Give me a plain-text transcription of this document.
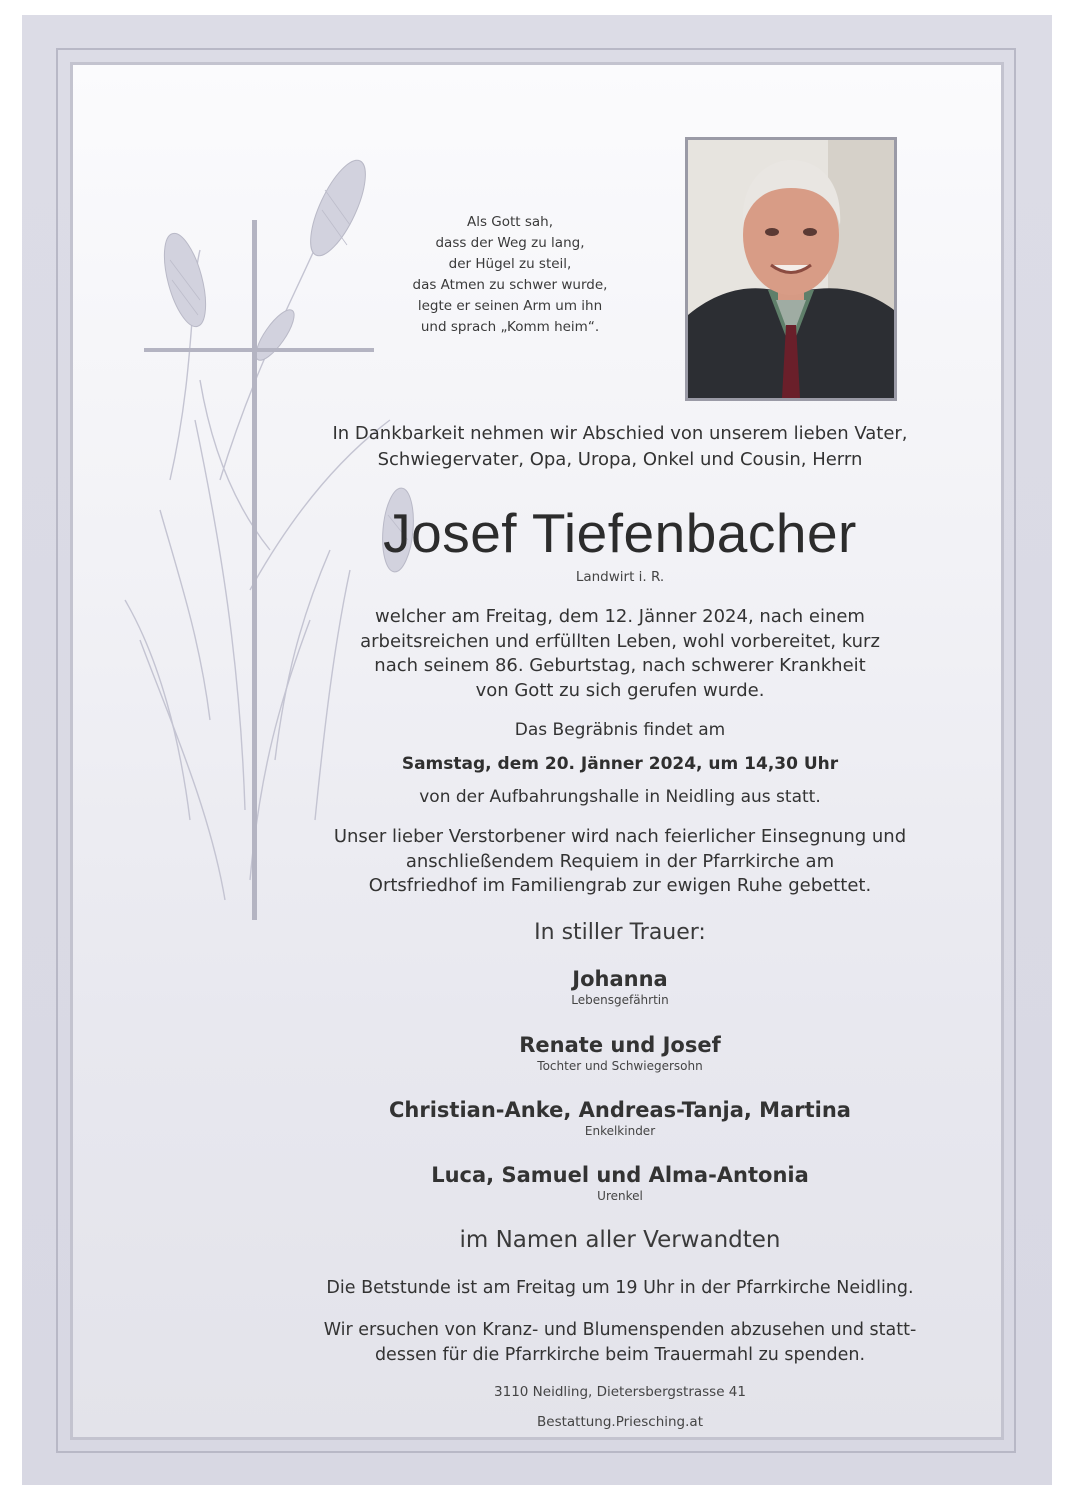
Als Gott sah,
dass der Weg zu lang,
der Hügel zu steil,
das Atmen zu schwer wurde,
legte er seinen Arm um ihn
und sprach „Komm heim“.
In Dankbarkeit nehmen wir Abschied von unserem lieben Vater,
Schwiegervater, Opa, Uropa, Onkel und Cousin, Herrn
Josef Tiefenbacher
Landwirt i. R.
welcher am Freitag, dem 12. Jänner 2024, nach einem
arbeitsreichen und erfüllten Leben, wohl vorbereitet, kurz
nach seinem 86. Geburtstag, nach schwerer Krankheit
von Gott zu sich gerufen wurde.
Das Begräbnis findet am
Samstag, dem 20. Jänner 2024, um 14,30 Uhr
von der Aufbahrungshalle in Neidling aus statt.
Unser lieber Verstorbener wird nach feierlicher Einsegnung und
anschließendem Requiem in der Pfarrkirche am
Ortsfriedhof im Familiengrab zur ewigen Ruhe gebettet.
In stiller Trauer:
Johanna
Lebensgefährtin
Renate und Josef
Tochter und Schwiegersohn
Christian-Anke, Andreas-Tanja, Martina
Enkelkinder
Luca, Samuel und Alma-Antonia
Urenkel
im Namen aller Verwandten
Die Betstunde ist am Freitag um 19 Uhr in der Pfarrkirche Neidling.
Wir ersuchen von Kranz- und Blumenspenden abzusehen und statt-
dessen für die Pfarrkirche beim Trauermahl zu spenden.
3110 Neidling, Dietersbergstrasse 41
Bestattung.Priesching.at
